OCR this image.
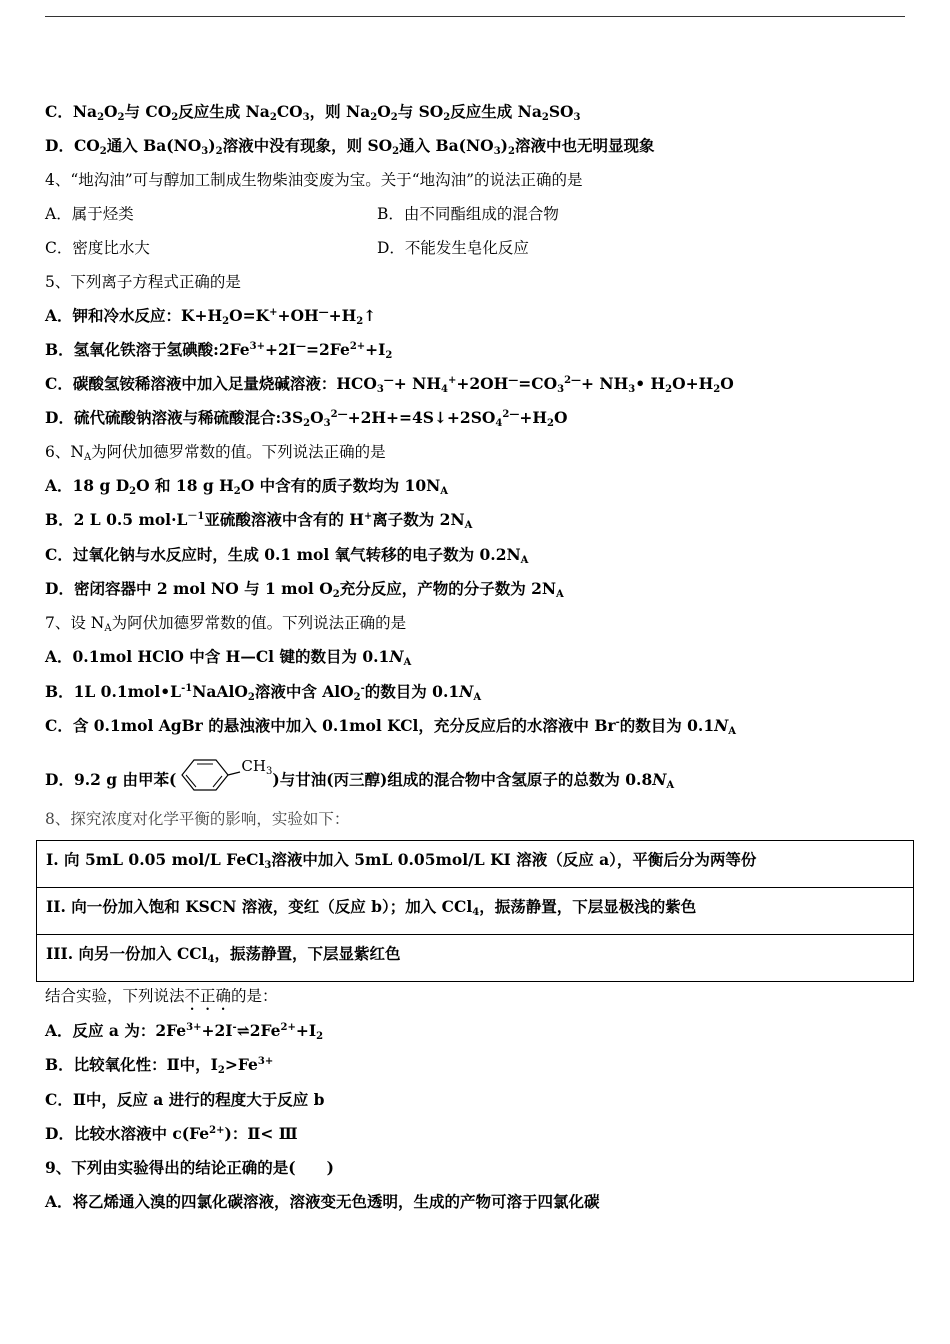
C．$Na_2O_2$与 $CO_2$反应生成 $Na_2CO_3$，则 $Na_2O_2$与 $SO_2$反应生成 $Na_2SO_3$
D．$CO_2$通入 $Ba(NO_3)_2$溶液中没有现象，则 $SO_2$通入 $Ba(NO_3)_2$溶液中也无明显现象
4、“地沟油”可与醇加工制成生物柴油变废为宝。关于“地沟油”的说法正确的是
A．属于烃类	B．由不同酯组成的混合物
C．密度比水大	D．不能发生皂化反应
5、下列离子方程式正确的是
A．钾和冷水反应：$K+H_2O=K^++OH^—+H_2↑$
B．氢氧化铁溶于氢碘酸$:2Fe^{3+}+2I^—=2Fe^{2+}+I_2$
C．碳酸氢铵稀溶液中加入足量烧碱溶液：$HCO_3^—+ NH_4^++2OH^—=CO_3^{2—}+$ $NH_3•$ $H_2O+H_2O$
D．硫代硫酸钠溶液与稀硫酸混合$:3S_2O_3^{2—}+2H+=4S↓+2SO_4^{2—}+H_2O$
6、$N_A$为阿伏加德罗常数的值。下列说法正确的是
A．18 g $D_2O$ 和 18 g $H_2O$ 中含有的质子数均为 $10N_A$
B．2 L 0.5 $mol\cdot L^{-1}$亚硫酸溶液中含有的 H+离子数为 $2N_A$
C．过氧化钠与水反应时，生成 0.1 mol 氧气转移的电子数为 $0.2N_A$
D．密闭容器中 2 mol NO 与 1 mol $O_2$充分反应，产物的分子数为 $2N_A$
7、设 $N_A$为阿伏加德罗常数的值。下列说法正确的是
A．0.1mol HClO 中含 H—Cl 键的数目为 $0.1N_A$
B．1L $0.1mol•L^{-1}NaAlO_2$溶液中含 AlO$_2$-的数目为 $0.1N_A$
C．含 0.1mol AgBr 的悬浊液中加入 0.1mol KCl，充分反应后的水溶液中 Br-的数目为 $0.1N_A$
D．9.2 g 由甲苯(
$CH_3$ )与甘油(丙三醇)组成的混合物中含氢原子的总数为 $0.8N_A$
8、探究浓度对化学平衡的影响，实验如下：
I. 向 5mL 0.05 mol/L FeCl$_3$溶液中加入 5mL 0.05mol/L KI 溶液（反应 a），平衡后分为两等份
II. 向一份加入饱和 KSCN 溶液，变红（反应 b）；加入 CCl$_4$，振荡静置，下层显极浅的紫色
III. 向另一份加入 CCl$_4$，振荡静置，下层显紫红色
结合实验，下列说法不正确的是：
A．反应 a 为：$2Fe^{3+}+2I^-\rightleftharpoons 2Fe^{2+}+I_2$
B．比较氧化性：Ⅱ中，$I_2>Fe^{3+}$
C．Ⅱ中，反应 a 进行的程度大于反应 b
D．比较水溶液中 $c(Fe^{2+})$：Ⅱ< Ⅲ
9、下列由实验得出的结论正确的是(　　)
A．将乙烯通入溴的四氯化碳溶液，溶液变无色透明，生成的产物可溶于四氯化碳
